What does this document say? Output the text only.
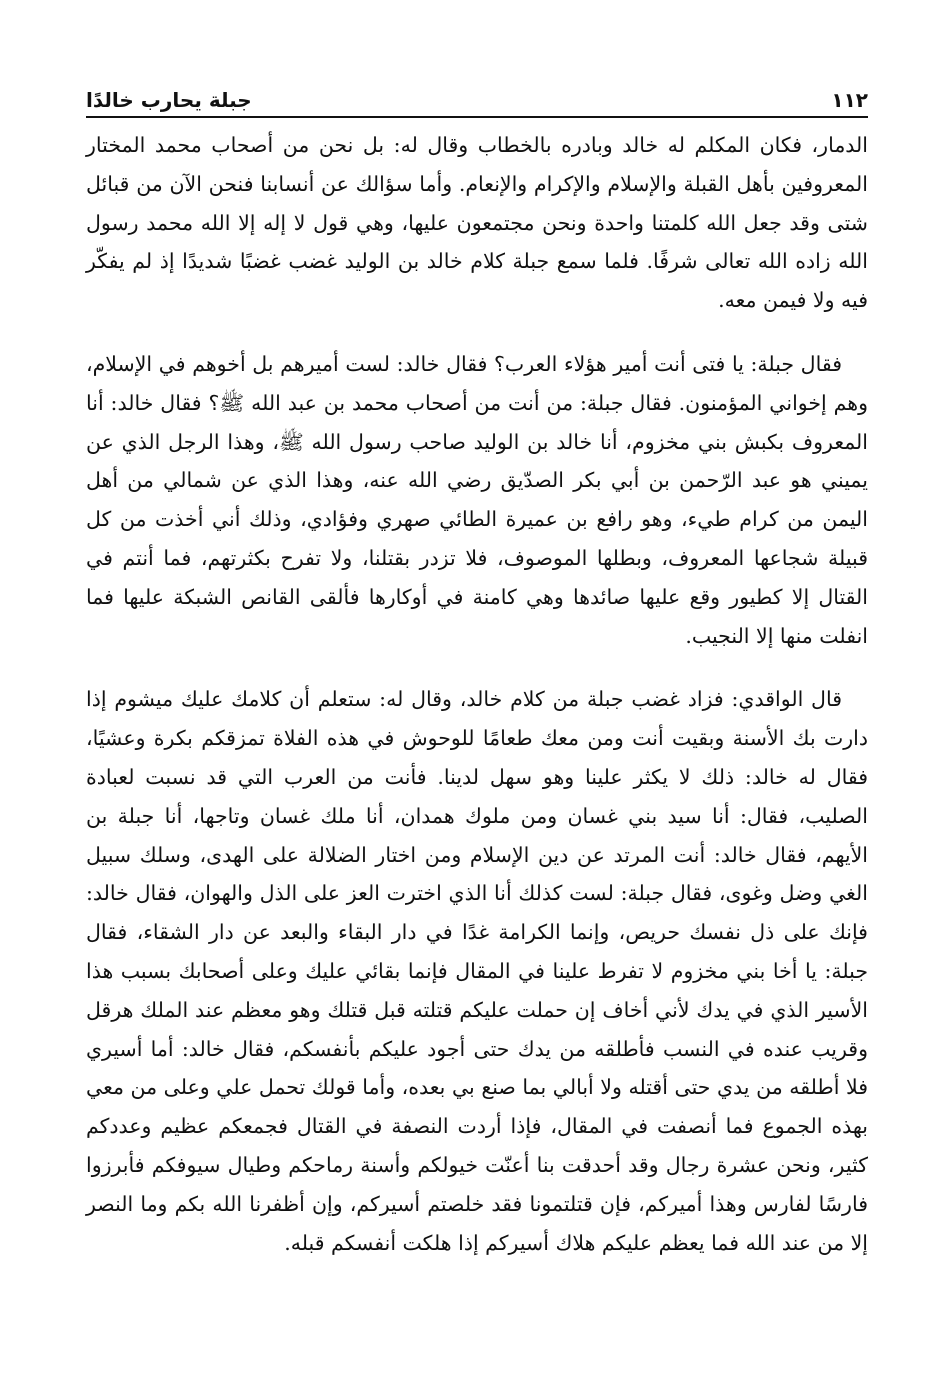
١١٢
جبلة يحارب خالدًا

الدمار، فكان المكلم له خالد وبادره بالخطاب وقال له: بل نحن من أصحاب محمد المختار المعروفين بأهل القبلة والإسلام والإكرام والإنعام. وأما سؤالك عن أنسابنا فنحن الآن من قبائل شتى وقد جعل الله كلمتنا واحدة ونحن مجتمعون عليها، وهي قول لا إله إلا الله محمد رسول الله زاده الله تعالى شرفًا. فلما سمع جبلة كلام خالد بن الوليد غضب غضبًا شديدًا إذ لم يفكّر فيه ولا فيمن معه.

فقال جبلة: يا فتى أنت أمير هؤلاء العرب؟ فقال خالد: لست أميرهم بل أخوهم في الإسلام، وهم إخواني المؤمنون. فقال جبلة: من أنت من أصحاب محمد بن عبد الله ﷺ؟ فقال خالد: أنا المعروف بكبش بني مخزوم، أنا خالد بن الوليد صاحب رسول الله ﷺ، وهذا الرجل الذي عن يميني هو عبد الرّحمن بن أبي بكر الصدّيق رضي الله عنه، وهذا الذي عن شمالي من أهل اليمن من كرام طيء، وهو رافع بن عميرة الطائي صهري وفؤادي، وذلك أني أخذت من كل قبيلة شجاعها المعروف، وبطلها الموصوف، فلا تزدر بقتلنا، ولا تفرح بكثرتهم، فما أنتم في القتال إلا كطيور وقع عليها صائدها وهي كامنة في أوكارها فألقى القانص الشبكة عليها فما انفلت منها إلا النجيب.

قال الواقدي: فزاد غضب جبلة من كلام خالد، وقال له: ستعلم أن كلامك عليك ميشوم إذا دارت بك الأسنة وبقيت أنت ومن معك طعامًا للوحوش في هذه الفلاة تمزقكم بكرة وعشيًا، فقال له خالد: ذلك لا يكثر علينا وهو سهل لدينا. فأنت من العرب التي قد نسبت لعبادة الصليب، فقال: أنا سيد بني غسان ومن ملوك همدان، أنا ملك غسان وتاجها، أنا جبلة بن الأيهم، فقال خالد: أنت المرتد عن دين الإسلام ومن اختار الضلالة على الهدى، وسلك سبيل الغي وضل وغوى، فقال جبلة: لست كذلك أنا الذي اخترت العز على الذل والهوان، فقال خالد: فإنك على ذل نفسك حريص، وإنما الكرامة غدًا في دار البقاء والبعد عن دار الشقاء، فقال جبلة: يا أخا بني مخزوم لا تفرط علينا في المقال فإنما بقائي عليك وعلى أصحابك بسبب هذا الأسير الذي في يدك لأني أخاف إن حملت عليكم قتلته قبل قتلك وهو معظم عند الملك هرقل وقريب عنده في النسب فأطلقه من يدك حتى أجود عليكم بأنفسكم، فقال خالد: أما أسيري فلا أطلقه من يدي حتى أقتله ولا أبالي بما صنع بي بعده، وأما قولك تحمل علي وعلى من معي بهذه الجموع فما أنصفت في المقال، فإذا أردت النصفة في القتال فجمعكم عظيم وعددكم كثير، ونحن عشرة رجال وقد أحدقت بنا أعنّت خيولكم وأسنة رماحكم وطيال سيوفكم فأبرزوا فارسًا لفارس وهذا أميركم، فإن قتلتمونا فقد خلصتم أسيركم، وإن أظفرنا الله بكم وما النصر إلا من عند الله فما يعظم عليكم هلاك أسيركم إذا هلكت أنفسكم قبله.
